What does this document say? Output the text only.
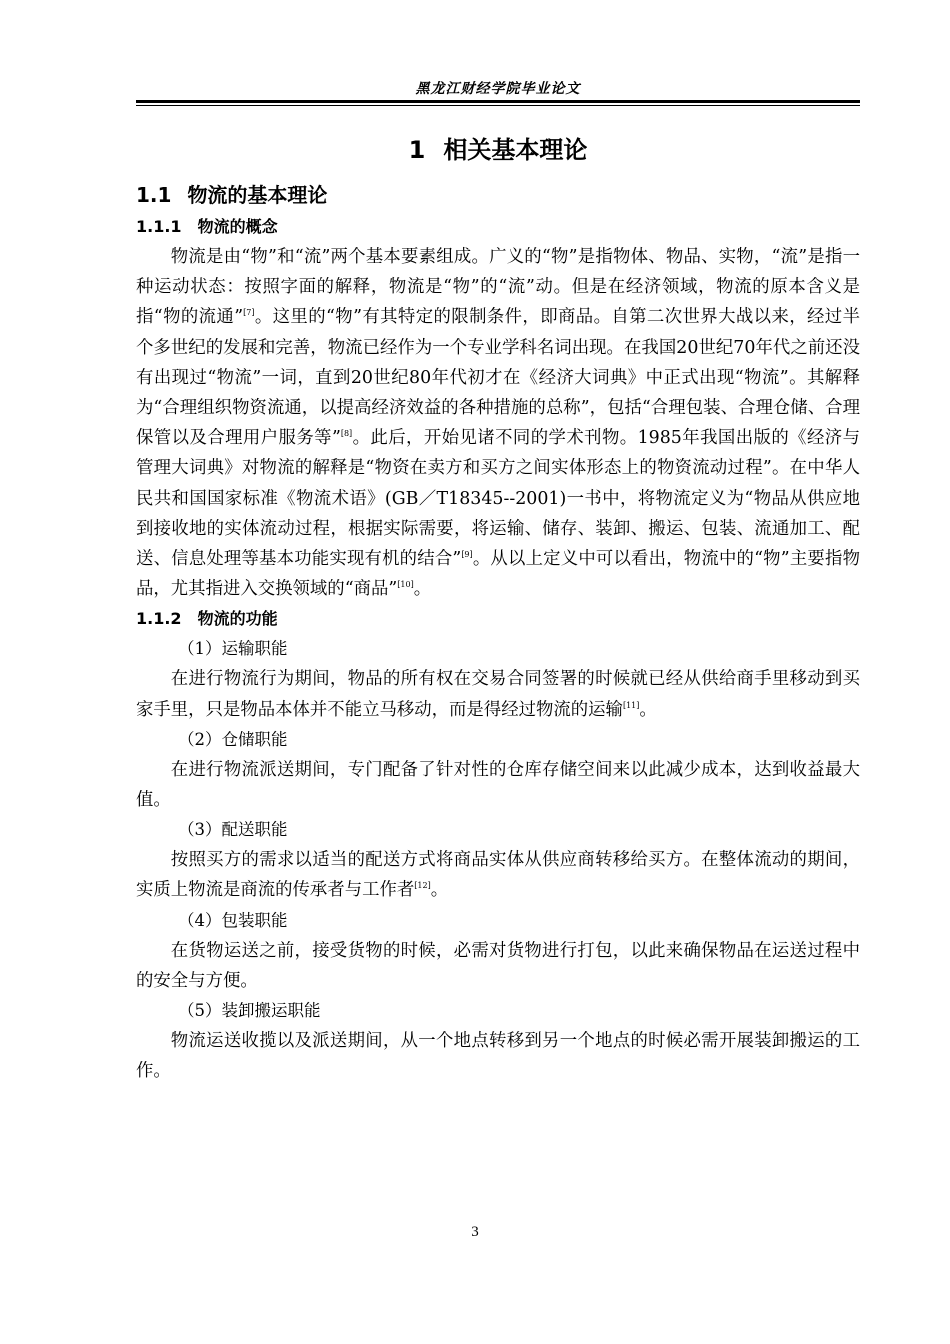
黑龙江财经学院毕业论文
1 相关基本理论
1.1 物流的基本理论
1.1.1 物流的概念

物流是由“物”和“流”两个基本要素组成。广义的“物”是指物体、物品、实物，“流”是指一种运动状态：按照字面的解释，物流是“物”的“流”动。但是在经济领域，物流的原本含义是指“物的流通”[7]。这里的“物”有其特定的限制条件，即商品。自第二次世界大战以来，经过半个多世纪的发展和完善，物流已经作为一个专业学科名词出现。在我国20世纪70年代之前还没有出现过“物流”一词，直到20世纪80年代初才在《经济大词典》中正式出现“物流”。其解释为“合理组织物资流通，以提高经济效益的各种措施的总称”，包括“合理包装、合理仓储、合理保管以及合理用户服务等”[8]。此后，开始见诸不同的学术刊物。1985年我国出版的《经济与管理大词典》对物流的解释是“物资在卖方和买方之间实体形态上的物资流动过程”。在中华人民共和国国家标准《物流术语》(GB／T18345--2001)一书中，将物流定义为“物品从供应地到接收地的实体流动过程，根据实际需要，将运输、储存、装卸、搬运、包装、流通加工、配送、信息处理等基本功能实现有机的结合”[9]。从以上定义中可以看出，物流中的“物”主要指物品，尤其指进入交换领域的“商品”[10]。

1.1.2 物流的功能

（1）运输职能

在进行物流行为期间，物品的所有权在交易合同签署的时候就已经从供给商手里移动到买家手里，只是物品本体并不能立马移动，而是得经过物流的运输[11]。

（2）仓储职能

在进行物流派送期间，专门配备了针对性的仓库存储空间来以此减少成本，达到收益最大值。

（3）配送职能

按照买方的需求以适当的配送方式将商品实体从供应商转移给买方。在整体流动的期间，实质上物流是商流的传承者与工作者[12]。

（4）包装职能

在货物运送之前，接受货物的时候，必需对货物进行打包，以此来确保物品在运送过程中的安全与方便。

（5）装卸搬运职能

物流运送收揽以及派送期间，从一个地点转移到另一个地点的时候必需开展装卸搬运的工作。

3
